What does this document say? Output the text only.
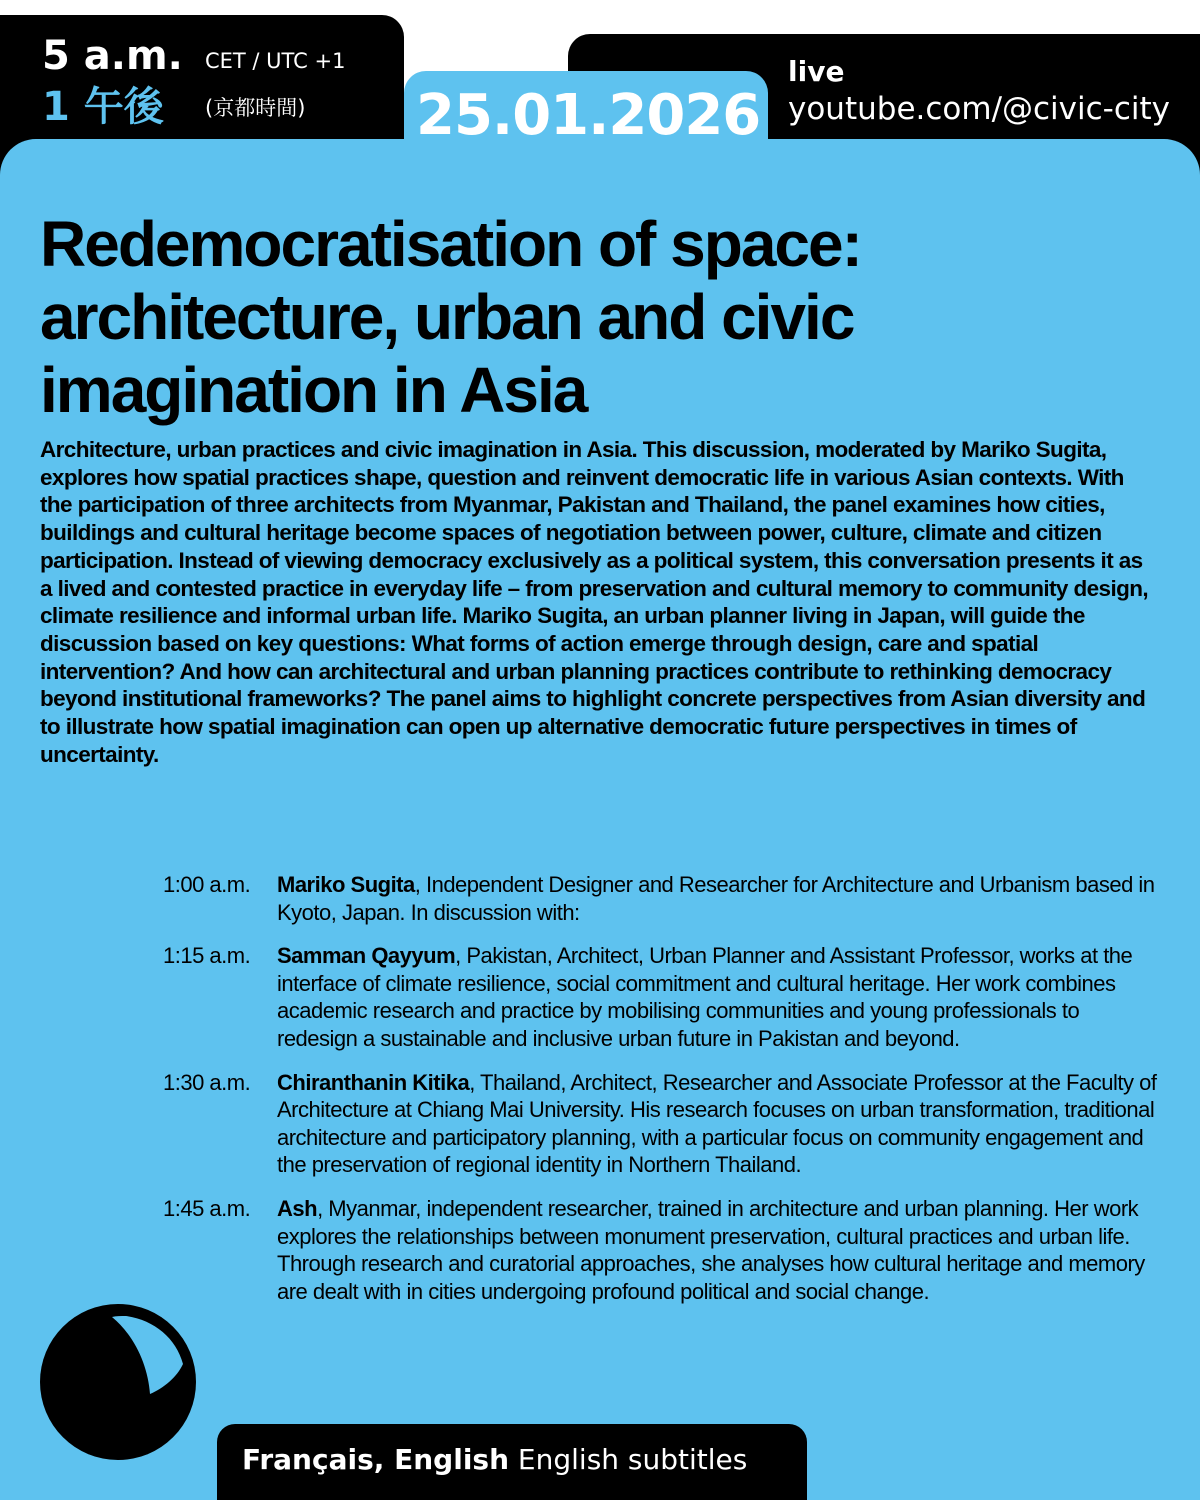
5 a.m. CET / UTC +1
1 午後 (京都時間) 25.01.2026
live
youtube.com/@civic-city
Redemocratisation of space: architecture, urban and civic imagination in Asia

Architecture, urban practices and civic imagination in Asia. This discussion, moderated by Mariko Sugita, explores how spatial practices shape, question and reinvent democratic life in various Asian contexts. With the participation of three architects from Myanmar, Pakistan and Thailand, the panel examines how cities, buildings and cultural heritage become spaces of negotiation between power, culture, climate and citizen participation. Instead of viewing democracy exclusively as a political system, this conversation presents it as a lived and contested practice in everyday life – from preservation and cultural memory to community design, climate resilience and informal urban life. Mariko Sugita, an urban planner living in Japan, will guide the discussion based on key questions: What forms of action emerge through design, care and spatial intervention? And how can architectural and urban planning practices contribute to rethinking democracy beyond institutional frameworks? The panel aims to highlight concrete perspectives from Asian diversity and to illustrate how spatial imagination can open up alternative democratic future perspectives in times of uncertainty.

1:00 a.m.	Mariko Sugita, Independent Designer and Researcher for Architecture and Urbanism based in Kyoto, Japan. In discussion with:
1:15 a.m.	Samman Qayyum, Pakistan, Architect, Urban Planner and Assistant Professor, works at the interface of climate resilience, social commitment and cultural heritage. Her work combines academic research and practice by mobilising communities and young professionals to redesign a sustainable and inclusive urban future in Pakistan and beyond.
1:30 a.m.	Chiranthanin Kitika, Thailand, Architect, Researcher and Associate Professor at the Faculty of Architecture at Chiang Mai University. His research focuses on urban transformation, traditional architecture and participatory planning, with a particular focus on community engagement and the preservation of regional identity in Northern Thailand.
1:45 a.m.	Ash, Myanmar, independent researcher, trained in architecture and urban planning. Her work explores the relationships between monument preservation, cultural practices and urban life. Through research and curatorial approaches, she analyses how cultural heritage and memory are dealt with in cities undergoing profound political and social change.
Français, English English subtitles
